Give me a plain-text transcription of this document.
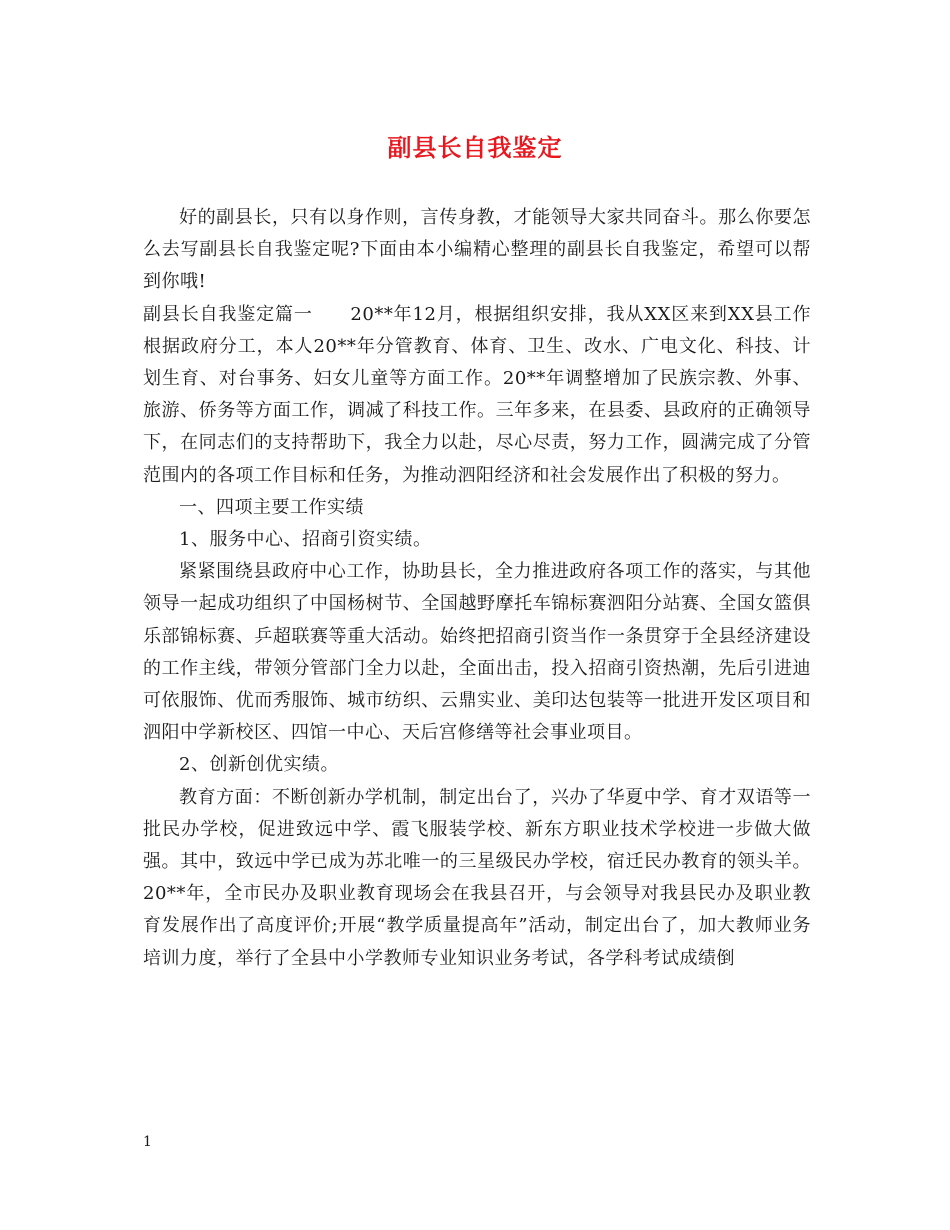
副县长自我鉴定

好的副县长，只有以身作则，言传身教，才能领导大家共同奋斗。那么你要怎么去写副县长自我鉴定呢?下面由本小编精心整理的副县长自我鉴定，希望可以帮到你哦!

副县长自我鉴定篇一　　20**年12月，根据组织安排，我从XX区来到XX县工作根据政府分工，本人20**年分管教育、体育、卫生、改水、广电文化、科技、计划生育、对台事务、妇女儿童等方面工作。20**年调整增加了民族宗教、外事、旅游、侨务等方面工作，调减了科技工作。三年多来，在县委、县政府的正确领导下，在同志们的支持帮助下，我全力以赴，尽心尽责，努力工作，圆满完成了分管范围内的各项工作目标和任务，为推动泗阳经济和社会发展作出了积极的努力。

一、四项主要工作实绩

1、服务中心、招商引资实绩。

紧紧围绕县政府中心工作，协助县长，全力推进政府各项工作的落实，与其他领导一起成功组织了中国杨树节、全国越野摩托车锦标赛泗阳分站赛、全国女篮俱乐部锦标赛、乒超联赛等重大活动。始终把招商引资当作一条贯穿于全县经济建设的工作主线，带领分管部门全力以赴，全面出击，投入招商引资热潮，先后引进迪可依服饰、优而秀服饰、城市纺织、云鼎实业、美印达包装等一批进开发区项目和泗阳中学新校区、四馆一中心、天后宫修缮等社会事业项目。

2、创新创优实绩。

教育方面：不断创新办学机制，制定出台了，兴办了华夏中学、育才双语等一批民办学校，促进致远中学、霞飞服装学校、新东方职业技术学校进一步做大做强。其中，致远中学已成为苏北唯一的三星级民办学校，宿迁民办教育的领头羊。20**年，全市民办及职业教育现场会在我县召开，与会领导对我县民办及职业教育发展作出了高度评价;开展“教学质量提高年”活动，制定出台了，加大教师业务培训力度，举行了全县中小学教师专业知识业务考试，各学科考试成绩倒

1
